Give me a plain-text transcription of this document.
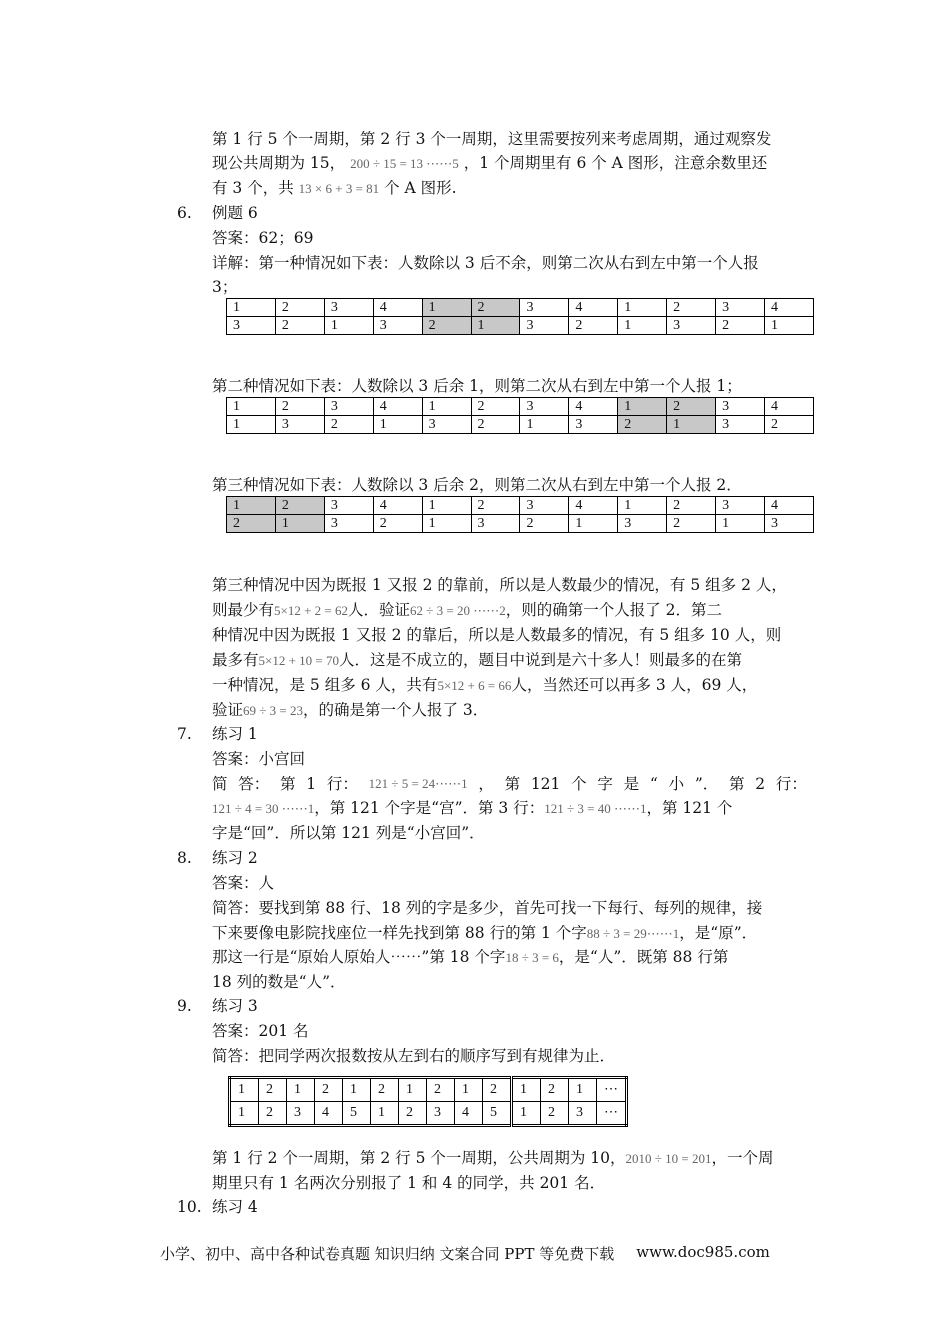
第 1 行 5 个一周期，第 2 行 3 个一周期，这里需要按列来考虑周期，通过观察发
现公共周期为 15， 200 ÷ 15 = 13 ⋯⋯5 ，1 个周期里有 6 个 A 图形，注意余数里还
有 3 个，共 13 × 6 + 3 = 81 个 A 图形.
6. 例题 6
答案：62；69
详解：第一种情况如下表：人数除以 3 后不余，则第二次从右到左中第一个人报
3；
1	2	3	4	1	2	3	4	1	2	3	4
3	2	1	3	2	1	3	2	1	3	2	1
第二种情况如下表：人数除以 3 后余 1，则第二次从右到左中第一个人报 1；
1	2	3	4	1	2	3	4	1	2	3	4
1	3	2	1	3	2	1	3	2	1	3	2
第三种情况如下表：人数除以 3 后余 2，则第二次从右到左中第一个人报 2．
1	2	3	4	1	2	3	4	1	2	3	4
2	1	3	2	1	3	2	1	3	2	1	3
第三种情况中因为既报 1 又报 2 的靠前，所以是人数最少的情况，有 5 组多 2 人，
则最少有5×12 + 2 = 62人．验证62 ÷ 3 = 20 ⋯⋯2，则的确第一个人报了 2．第二
种情况中因为既报 1 又报 2 的靠后，所以是人数最多的情况，有 5 组多 10 人，则
最多有5×12 + 10 = 70人．这是不成立的，题目中说到是六十多人！则最多的在第
一种情况，是 5 组多 6 人，共有5×12 + 6 = 66人，当然还可以再多 3 人，69 人，
验证69 ÷ 3 = 23，的确是第一个人报了 3．
7. 练习 1
答案：小宫回
简 答： 第 1 行： 121 ÷ 5 = 24⋯⋯1 ， 第 121 个 字 是 “ 小 ”． 第 2 行：
121 ÷ 4 = 30 ⋯⋯1，第 121 个字是“宫”．第 3 行：121 ÷ 3 = 40 ⋯⋯1，第 121 个
字是“回”．所以第 121 列是“小宫回”．
8. 练习 2
答案：人
简答：要找到第 88 行、18 列的字是多少，首先可找一下每行、每列的规律，接
下来要像电影院找座位一样先找到第 88 行的第 1 个字88 ÷ 3 = 29⋯⋯1，是“原”．
那这一行是“原始人原始人⋯⋯”第 18 个字18 ÷ 3 = 6，是“人”．既第 88 行第
18 列的数是“人”．
9. 练习 3
答案：201 名
简答：把同学两次报数按从左到右的顺序写到有规律为止．
1	2	1	2	1	2	1	2	1	2	1	2	1	⋯
1	2	3	4	5	1	2	3	4	5	1	2	3	⋯
第 1 行 2 个一周期，第 2 行 5 个一周期，公共周期为 10，2010 ÷ 10 = 201，一个周
期里只有 1 名两次分别报了 1 和 4 的同学，共 201 名．
10. 练习 4
小学、初中、高中各种试卷真题 知识归纳 文案合同 PPT 等免费下载 www.doc985.com
